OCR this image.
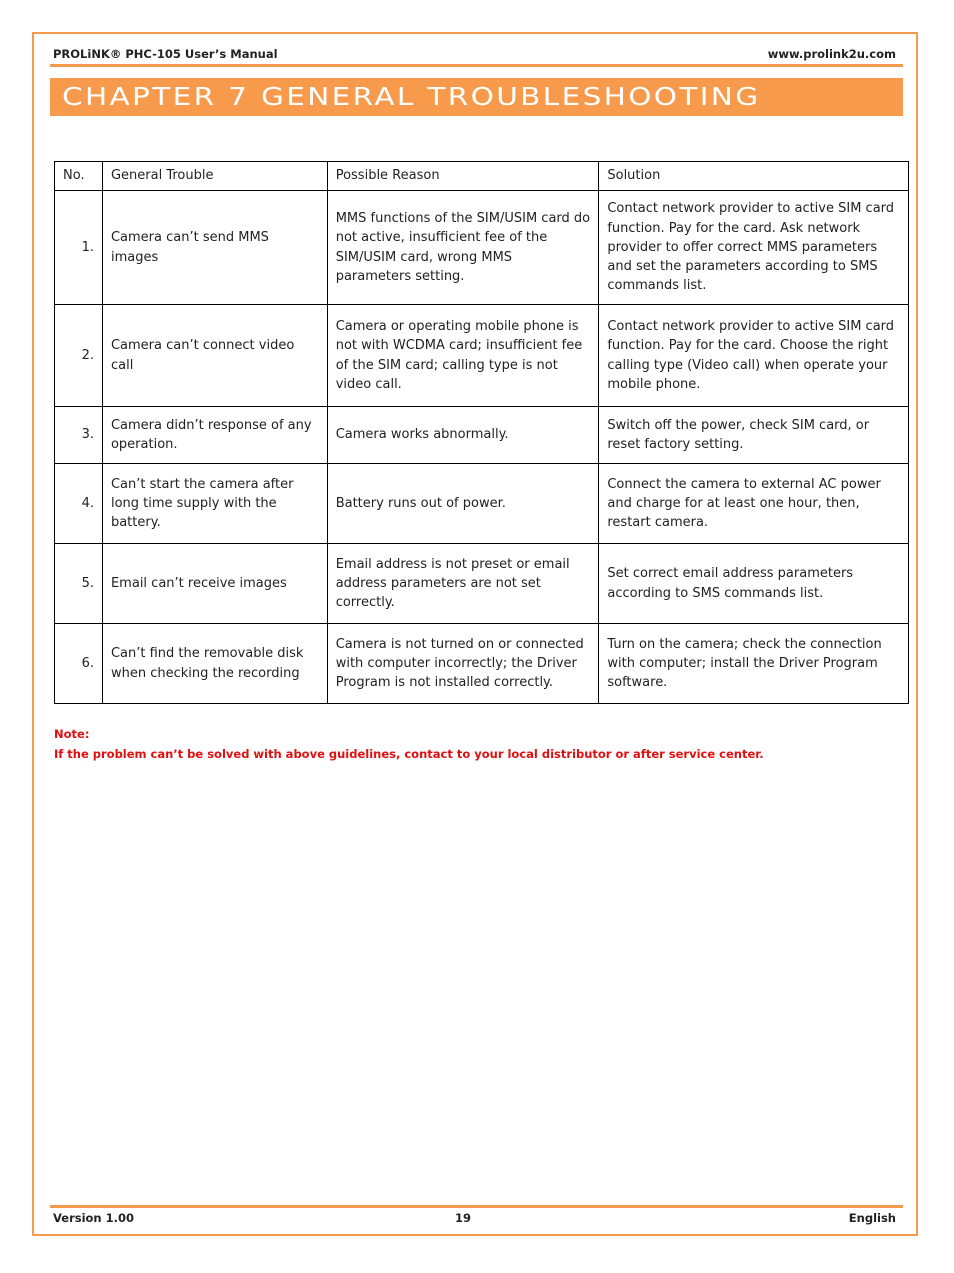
PROLiNK® PHC-105 User’s Manual	www.prolink2u.com
CHAPTER 7 GENERAL TROUBLESHOOTING
No.	General Trouble	Possible Reason	Solution
1.	Camera can’t send MMS images	MMS functions of the SIM/USIM card do not active, insufficient fee of the SIM/USIM card, wrong MMS parameters setting.	Contact network provider to active SIM card function. Pay for the card. Ask network provider to offer correct MMS parameters and set the parameters according to SMS commands list.
2.	Camera can’t connect video call	Camera or operating mobile phone is not with WCDMA card; insufficient fee of the SIM card; calling type is not video call.	Contact network provider to active SIM card function. Pay for the card. Choose the right calling type (Video call) when operate your mobile phone.
3.	Camera didn’t response of any operation.	Camera works abnormally.	Switch off the power, check SIM card, or reset factory setting.
4.	Can’t start the camera after long time supply with the battery.	Battery runs out of power.	Connect the camera to external AC power and charge for at least one hour, then, restart camera.
5.	Email can’t receive images	Email address is not preset or email address parameters are not set correctly.	Set correct email address parameters according to SMS commands list.
6.	Can’t find the removable disk when checking the recording	Camera is not turned on or connected with computer incorrectly; the Driver Program is not installed correctly.	Turn on the camera; check the connection with computer; install the Driver Program software.
Note:
If the problem can’t be solved with above guidelines, contact to your local distributor or after service center.
Version 1.00	19	English
